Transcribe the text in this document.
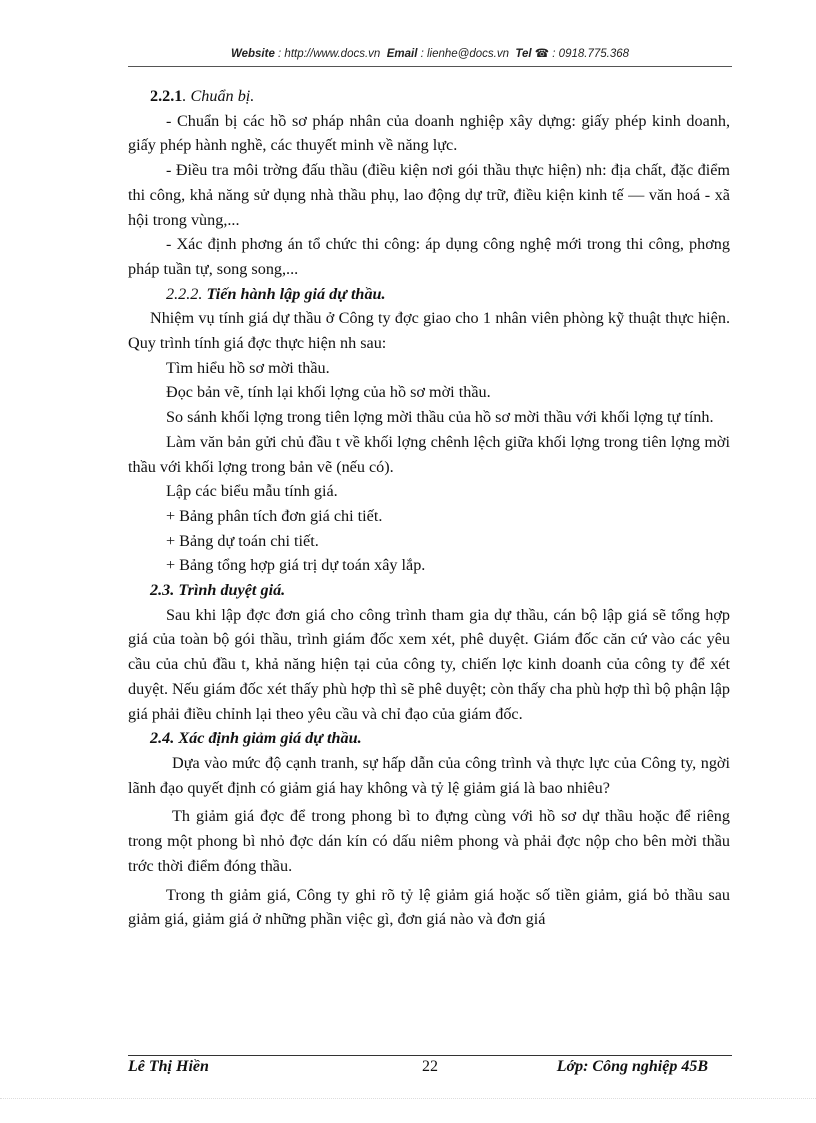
Website : http://www.docs.vn Email : lienhe@docs.vn Tel ☎ : 0918.775.368

2.2.1. Chuẩn bị.

- Chuẩn bị các hồ sơ pháp nhân của doanh nghiệp xây dựng: giấy phép kinh doanh, giấy phép hành nghề, các thuyết minh về năng lực.

- Điều tra môi trờng đấu thầu (điều kiện nơi gói thầu thực hiện) nh: địa chất, đặc điểm thi công, khả năng sử dụng nhà thầu phụ, lao động dự trữ, điều kiện kinh tế — văn hoá - xã hội trong vùng,...

- Xác định phơng án tổ chức thi công: áp dụng công nghệ mới trong thi công, phơng pháp tuần tự, song song,...

2.2.2. Tiến hành lập giá dự thầu.

Nhiệm vụ tính giá dự thầu ở Công ty đợc giao cho 1 nhân viên phòng kỹ thuật thực hiện. Quy trình tính giá đợc thực hiện nh sau:

Tìm hiểu hồ sơ mời thầu.

Đọc bản vẽ, tính lại khối lợng của hồ sơ mời thầu.

So sánh khối lợng trong tiên lợng mời thầu của hồ sơ mời thầu với khối lợng tự tính.

Làm văn bản gửi chủ đầu t về khối lợng chênh lệch giữa khối lợng trong tiên lợng mời thầu với khối lợng trong bản vẽ (nếu có).

Lập các biểu mẫu tính giá.

+ Bảng phân tích đơn giá chi tiết.

+ Bảng dự toán chi tiết.

+ Bảng tổng hợp giá trị dự toán xây lắp.

2.3. Trình duyệt giá.

Sau khi lập đợc đơn giá cho công trình tham gia dự thầu, cán bộ lập giá sẽ tổng hợp giá của toàn bộ gói thầu, trình giám đốc xem xét, phê duyệt. Giám đốc căn cứ vào các yêu cầu của chủ đầu t, khả năng hiện tại của công ty, chiến lợc kinh doanh của công ty để xét duyệt. Nếu giám đốc xét thấy phù hợp thì sẽ phê duyệt; còn thấy cha phù hợp thì bộ phận lập giá phải điều chỉnh lại theo yêu cầu và chỉ đạo của giám đốc.

2.4. Xác định giảm giá dự thầu.

Dựa vào mức độ cạnh tranh, sự hấp dẫn của công trình và thực lực của Công ty, ngời lãnh đạo quyết định có giảm giá hay không và tỷ lệ giảm giá là bao nhiêu?

Th giảm giá đợc để trong phong bì to đựng cùng với hồ sơ dự thầu hoặc để riêng trong một phong bì nhỏ đợc dán kín có dấu niêm phong và phải đợc nộp cho bên mời thầu trớc thời điểm đóng thầu.

Trong th giảm giá, Công ty ghi rõ tỷ lệ giảm giá hoặc số tiền giảm, giá bỏ thầu sau giảm giá, giảm giá ở những phần việc gì, đơn giá nào và đơn giá

Lê Thị Hiền	22	Lớp: Công nghiệp 45B
